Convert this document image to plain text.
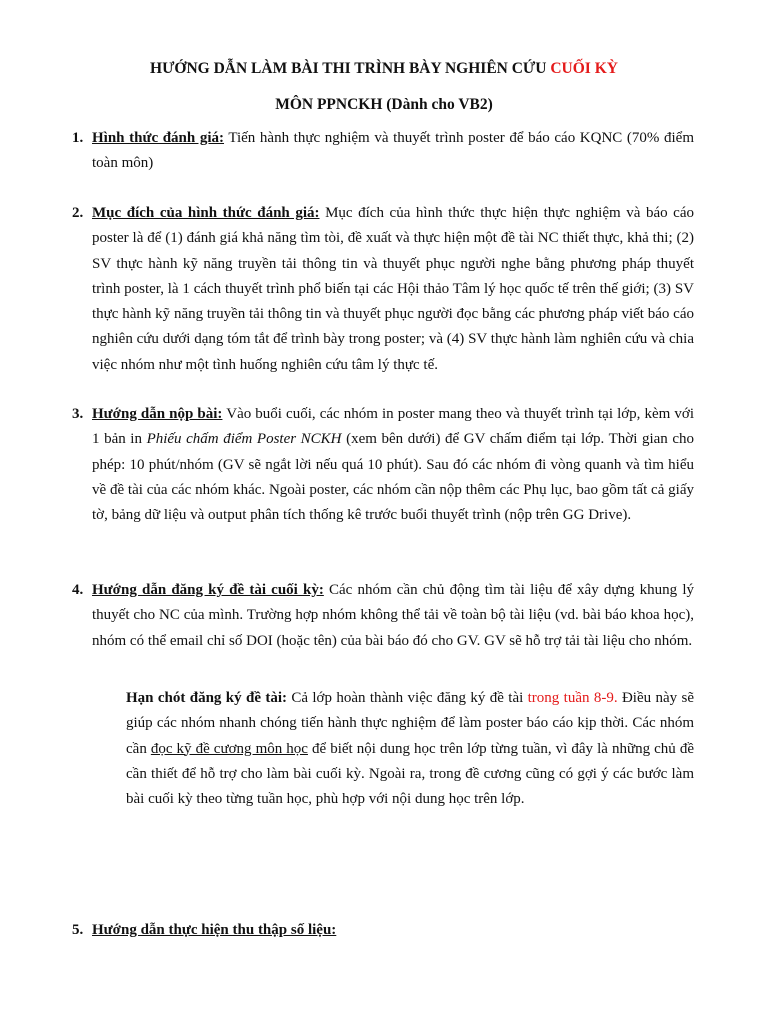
HƯỚNG DẪN LÀM BÀI THI TRÌNH BÀY NGHIÊN CỨU CUỐI KỲ
MÔN PPNCKH (Dành cho VB2)
1. Hình thức đánh giá: Tiến hành thực nghiệm và thuyết trình poster để báo cáo KQNC (70% điểm toàn môn)
2. Mục đích của hình thức đánh giá: Mục đích của hình thức thực hiện thực nghiệm và báo cáo poster là để (1) đánh giá khả năng tìm tòi, đề xuất và thực hiện một đề tài NC thiết thực, khả thi; (2) SV thực hành kỹ năng truyền tải thông tin và thuyết phục người nghe bằng phương pháp thuyết trình poster, là 1 cách thuyết trình phổ biến tại các Hội thảo Tâm lý học quốc tế trên thế giới; (3) SV thực hành kỹ năng truyền tải thông tin và thuyết phục người đọc bằng các phương pháp viết báo cáo nghiên cứu dưới dạng tóm tắt để trình bày trong poster; và (4) SV thực hành làm nghiên cứu và chia việc nhóm như một tình huống nghiên cứu tâm lý thực tế.
3. Hướng dẫn nộp bài: Vào buổi cuối, các nhóm in poster mang theo và thuyết trình tại lớp, kèm với 1 bản in Phiếu chấm điểm Poster NCKH (xem bên dưới) để GV chấm điểm tại lớp. Thời gian cho phép: 10 phút/nhóm (GV sẽ ngắt lời nếu quá 10 phút). Sau đó các nhóm đi vòng quanh và tìm hiểu về đề tài của các nhóm khác. Ngoài poster, các nhóm cần nộp thêm các Phụ lục, bao gồm tất cả giấy tờ, bảng dữ liệu và output phân tích thống kê trước buổi thuyết trình (nộp trên GG Drive).
4. Hướng dẫn đăng ký đề tài cuối kỳ: Các nhóm cần chủ động tìm tài liệu để xây dựng khung lý thuyết cho NC của mình. Trường hợp nhóm không thể tải về toàn bộ tài liệu (vd. bài báo khoa học), nhóm có thể email chỉ số DOI (hoặc tên) của bài báo đó cho GV. GV sẽ hỗ trợ tải tài liệu cho nhóm.
Hạn chót đăng ký đề tài: Cả lớp hoàn thành việc đăng ký đề tài trong tuần 8-9. Điều này sẽ giúp các nhóm nhanh chóng tiến hành thực nghiệm để làm poster báo cáo kịp thời. Các nhóm cần đọc kỹ đề cương môn học để biết nội dung học trên lớp từng tuần, vì đây là những chủ đề cần thiết để hỗ trợ cho làm bài cuối kỳ. Ngoài ra, trong đề cương cũng có gợi ý các bước làm bài cuối kỳ theo từng tuần học, phù hợp với nội dung học trên lớp.
5. Hướng dẫn thực hiện thu thập số liệu:
